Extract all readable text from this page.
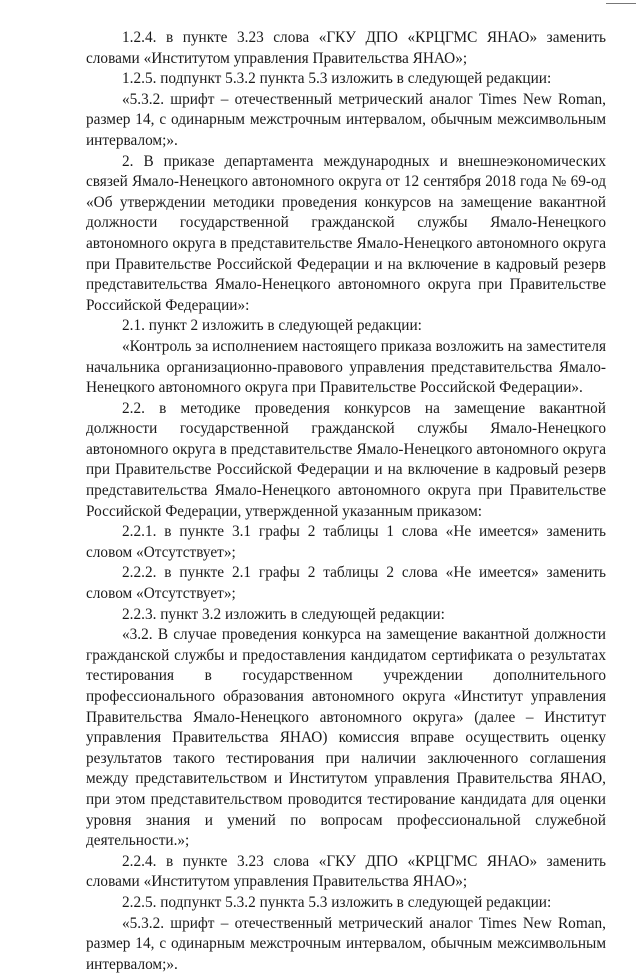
1.2.4. в пункте 3.23 слова «ГКУ ДПО «КРЦГМС ЯНАО» заменить словами «Институтом управления Правительства ЯНАО»;

1.2.5. подпункт 5.3.2 пункта 5.3 изложить в следующей редакции:

«5.3.2. шрифт – отечественный метрический аналог Times New Roman, размер 14, с одинарным межстрочным интервалом, обычным межсимвольным интервалом;».

2. В приказе департамента международных и внешнеэкономических связей Ямало-Ненецкого автономного округа от 12 сентября 2018 года № 69-од «Об утверждении методики проведения конкурсов на замещение вакантной должности государственной гражданской службы Ямало-Ненецкого автономного округа в представительстве Ямало-Ненецкого автономного округа при Правительстве Российской Федерации и на включение в кадровый резерв представительства Ямало-Ненецкого автономного округа при Правительстве Российской Федерации»:

2.1. пункт 2 изложить в следующей редакции:

«Контроль за исполнением настоящего приказа возложить на заместителя начальника организационно-правового управления представительства Ямало-Ненецкого автономного округа при Правительстве Российской Федерации».

2.2. в методике проведения конкурсов на замещение вакантной должности государственной гражданской службы Ямало-Ненецкого автономного округа в представительстве Ямало-Ненецкого автономного округа при Правительстве Российской Федерации и на включение в кадровый резерв представительства Ямало-Ненецкого автономного округа при Правительстве Российской Федерации, утвержденной указанным приказом:

2.2.1. в пункте 3.1 графы 2 таблицы 1 слова «Не имеется» заменить словом «Отсутствует»;

2.2.2. в пункте 2.1 графы 2 таблицы 2 слова «Не имеется» заменить словом «Отсутствует»;

2.2.3. пункт 3.2 изложить в следующей редакции:

«3.2. В случае проведения конкурса на замещение вакантной должности гражданской службы и предоставления кандидатом сертификата о результатах тестирования в государственном учреждении дополнительного профессионального образования автономного округа «Институт управления Правительства Ямало-Ненецкого автономного округа» (далее – Институт управления Правительства ЯНАО) комиссия вправе осуществить оценку результатов такого тестирования при наличии заключенного соглашения между представительством и Институтом управления Правительства ЯНАО, при этом представительством проводится тестирование кандидата для оценки уровня знания и умений по вопросам профессиональной служебной деятельности.»;

2.2.4. в пункте 3.23 слова «ГКУ ДПО «КРЦГМС ЯНАО» заменить словами «Институтом управления Правительства ЯНАО»;

2.2.5. подпункт 5.3.2 пункта 5.3 изложить в следующей редакции:

«5.3.2. шрифт – отечественный метрический аналог Times New Roman, размер 14, с одинарным межстрочным интервалом, обычным межсимвольным интервалом;».
